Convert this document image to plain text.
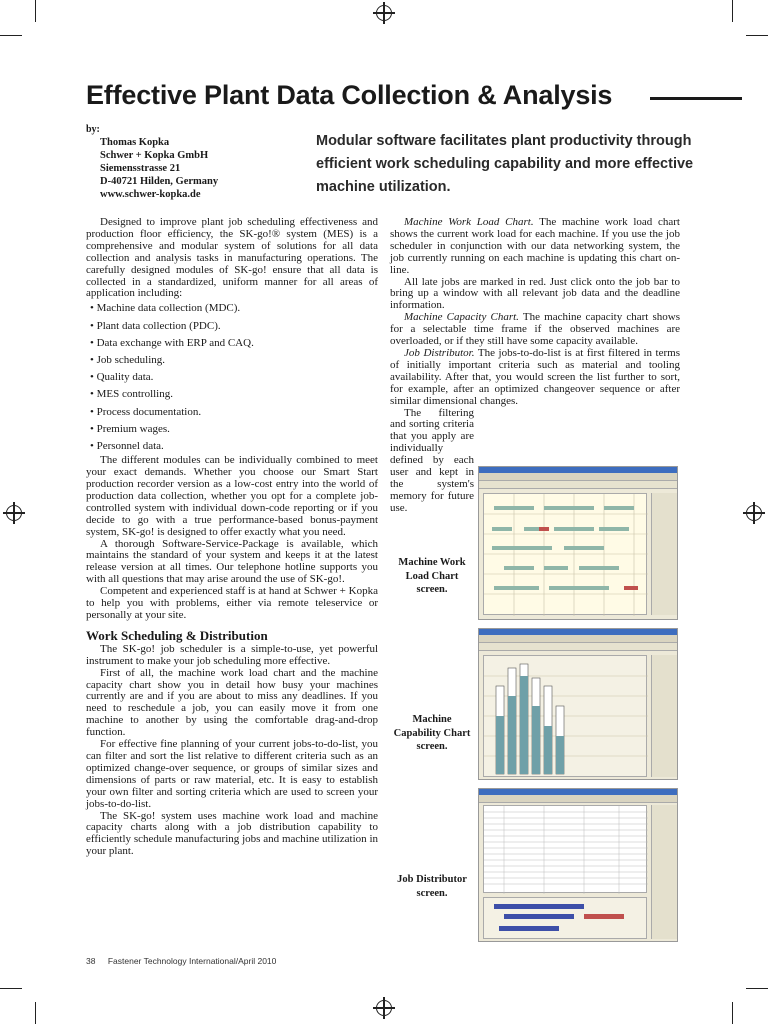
Effective Plant Data Collection & Analysis
by:
Thomas Kopka
Schwer + Kopka GmbH
Siemensstrasse 21
D-40721 Hilden, Germany
www.schwer-kopka.de
Modular software facilitates plant productivity through efficient work scheduling capability and more effective machine utilization.

Designed to improve plant job scheduling effectiveness and production floor efficiency, the SK-go!® system (MES) is a comprehensive and modular system of solutions for all data collection and analysis tasks in manufacturing operations. The carefully designed modules of SK-go! ensure that all data is collected in a standardized, uniform manner for all areas of application including:

• Machine data collection (MDC).
• Plant data collection (PDC).
• Data exchange with ERP and CAQ.
• Job scheduling.
• Quality data.
• MES controlling.
• Process documentation.
• Premium wages.
• Personnel data.

The different modules can be individually combined to meet your exact demands. Whether you choose our Smart Start production recorder version as a low-cost entry into the world of production data collection, whether you opt for a complete job-controlled system with individual down-code reporting or if you decide to go with a true performance-based bonus-payment system, SK-go! is designed to offer exactly what you need.

A thorough Software-Service-Package is available, which maintains the standard of your system and keeps it at the latest release version at all times. Our telephone hotline supports you with all questions that may arise around the use of SK-go!.

Competent and experienced staff is at hand at Schwer + Kopka to help you with problems, either via remote teleservice or personally at your site.

Work Scheduling & Distribution

The SK-go! job scheduler is a simple-to-use, yet powerful instrument to make your job scheduling more effective.

First of all, the machine work load chart and the machine capacity chart show you in detail how busy your machines currently are and if you are about to miss any deadlines. If you need to reschedule a job, you can easily move it from one machine to another by using the comfortable drag-and-drop function.

For effective fine planning of your current jobs-to-do-list, you can filter and sort the list relative to different criteria such as an optimized change-over sequence, or groups of similar sizes and dimensions of parts or raw material, etc. It is easy to establish your own filter and sorting criteria which are used to screen your jobs-to-do-list.

The SK-go! system uses machine work load and machine capacity charts along with a job distribution capability to efficiently schedule manufacturing jobs and machine utilization in your plant.

Machine Work Load Chart. The machine work load chart shows the current work load for each machine. If you use the job scheduler in conjunction with our data networking system, the job currently running on each machine is updating this chart on-line.

All late jobs are marked in red. Just click onto the job bar to bring up a window with all relevant job data and the deadline information.

Machine Capacity Chart. The machine capacity chart shows for a selectable time frame if the observed machines are overloaded, or if they still have some capacity available.

Job Distributor. The jobs-to-do-list is at first filtered in terms of initially important criteria such as material and tooling availability. After that, you would screen the list further to sort, for example, after an optimized changeover sequence or after similar dimensional changes.

The filtering and sorting criteria that you apply are individually defined by each user and kept in the system's memory for future use.

Machine Work Load Chart screen.
Machine Capability Chart screen.
Job Distributor screen.
38 Fastener Technology International/April 2010
